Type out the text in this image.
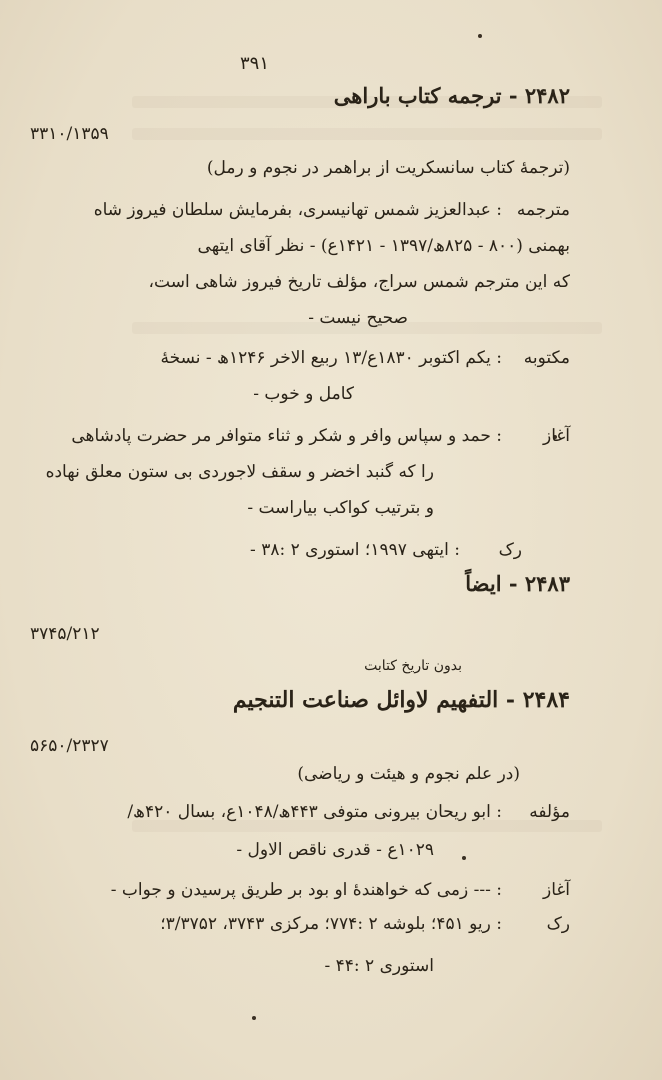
۳۹۱
۲۴۸۲ - ترجمه کتاب باراهی
۳۳۱۰/۱۳۵۹
(ترجمهٔ کتاب سانسکریت از براهمر در نجوم و رمل)
مترجمه
: عبدالعزیز شمس تهانیسری، بفرمایش سلطان فیروز شاه
بهمنی (۸۰۰ - ۸۲۵ھ/۱۳۹۷ - ۱۴۲۱ع) - نظر آقای ایتهی
که این مترجم شمس سراج، مؤلف تاریخ فیروز شاهی است،
صحیح نیست -
مکتوبه
: یکم اکتوبر ۱۸۳۰ع/۱۳ ربیع الاخر ۱۲۴۶ھ - نسخهٔ
کامل و خوب -
آغاز
: حمد و سپاس وافر و شکر و ثناء متوافر مر حضرت پادشاهی
را که گنبد اخضر و سقف لاجوردی بی ستون معلق نهاده
و بترتیب کواکب بیاراست -
رک
: ایتهی ۱۹۹۷؛ استوری ۲ :۳۸ -
۲۴۸۳ - ایضاً
۳۷۴۵/۲۱۲
بدون تاریخ کتابت
۲۴۸۴ - التفهیم لاوائل صناعت التنجیم
۵۶۵۰/۲۳۲۷
(در علم نجوم و هیئت و ریاضی)
مؤلفه
: ابو ریحان بیرونی متوفی ۴۴۳ھ/۱۰۴۸ع، بسال ۴۲۰ھ/
۱۰۲۹ع - قدری ناقص الاول -
آغاز
: --- زمی که خواهندهٔ او بود بر طریق پرسیدن و جواب -
رک
: ریو ۴۵۱؛ بلوشه ۲ :۷۷۴؛ مرکزی ۳۷۴۳، ۳/۳۷۵۲؛
استوری ۲ :۴۴ -
